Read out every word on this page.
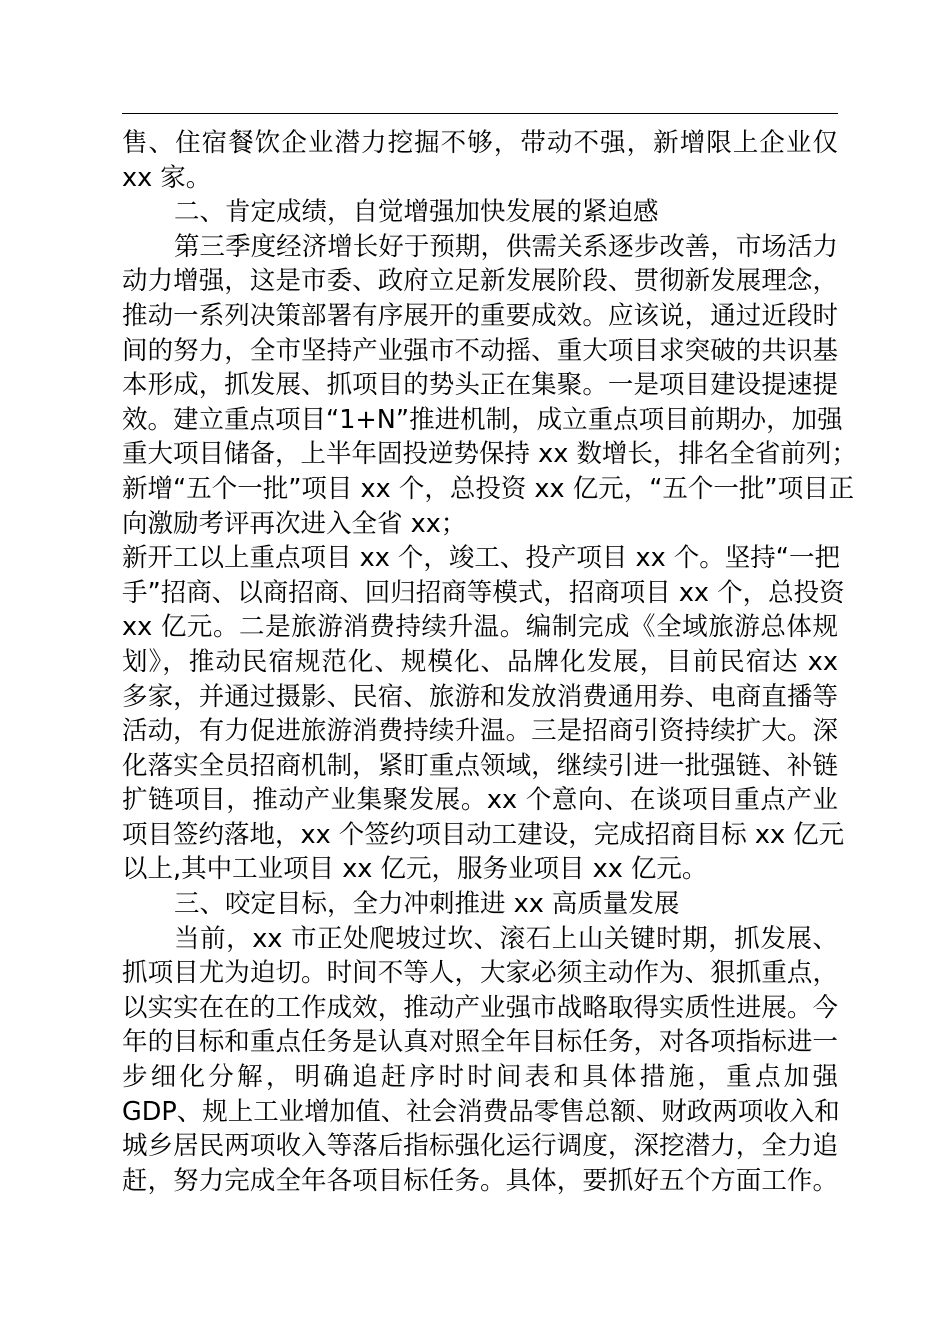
售、住宿餐饮企业潜力挖掘不够，带动不强，新增限上企业仅
xx 家。
二、肯定成绩，自觉增强加快发展的紧迫感
第三季度经济增长好于预期，供需关系逐步改善，市场活力
动力增强，这是市委、政府立足新发展阶段、贯彻新发展理念，
推动一系列决策部署有序展开的重要成效。应该说，通过近段时
间的努力，全市坚持产业强市不动摇、重大项目求突破的共识基
本形成，抓发展、抓项目的势头正在集聚。一是项目建设提速提
效。建立重点项目“1+N”推进机制，成立重点项目前期办，加强
重大项目储备，上半年固投逆势保持 xx 数增长，排名全省前列；
新增“五个一批”项目 xx 个，总投资 xx 亿元，“五个一批”项目正
向激励考评再次进入全省 xx；
新开工以上重点项目 xx 个，竣工、投产项目 xx 个。坚持“一把
手”招商、以商招商、回归招商等模式，招商项目 xx 个，总投资
xx 亿元。二是旅游消费持续升温。编制完成《全域旅游总体规
划》，推动民宿规范化、规模化、品牌化发展，目前民宿达 xx
多家，并通过摄影、民宿、旅游和发放消费通用券、电商直播等
活动，有力促进旅游消费持续升温。三是招商引资持续扩大。深
化落实全员招商机制，紧盯重点领域，继续引进一批强链、补链
扩链项目，推动产业集聚发展。xx 个意向、在谈项目重点产业
项目签约落地，xx 个签约项目动工建设，完成招商目标 xx 亿元
以上,其中工业项目 xx 亿元，服务业项目 xx 亿元。
三、咬定目标，全力冲刺推进 xx 高质量发展
当前，xx 市正处爬坡过坎、滚石上山关键时期，抓发展、
抓项目尤为迫切。时间不等人，大家必须主动作为、狠抓重点，
以实实在在的工作成效，推动产业强市战略取得实质性进展。今
年的目标和重点任务是认真对照全年目标任务，对各项指标进一
步细化分解，明确追赶序时时间表和具体措施，重点加强
GDP、规上工业增加值、社会消费品零售总额、财政两项收入和
城乡居民两项收入等落后指标强化运行调度，深挖潜力，全力追
赶，努力完成全年各项目标任务。具体，要抓好五个方面工作。
